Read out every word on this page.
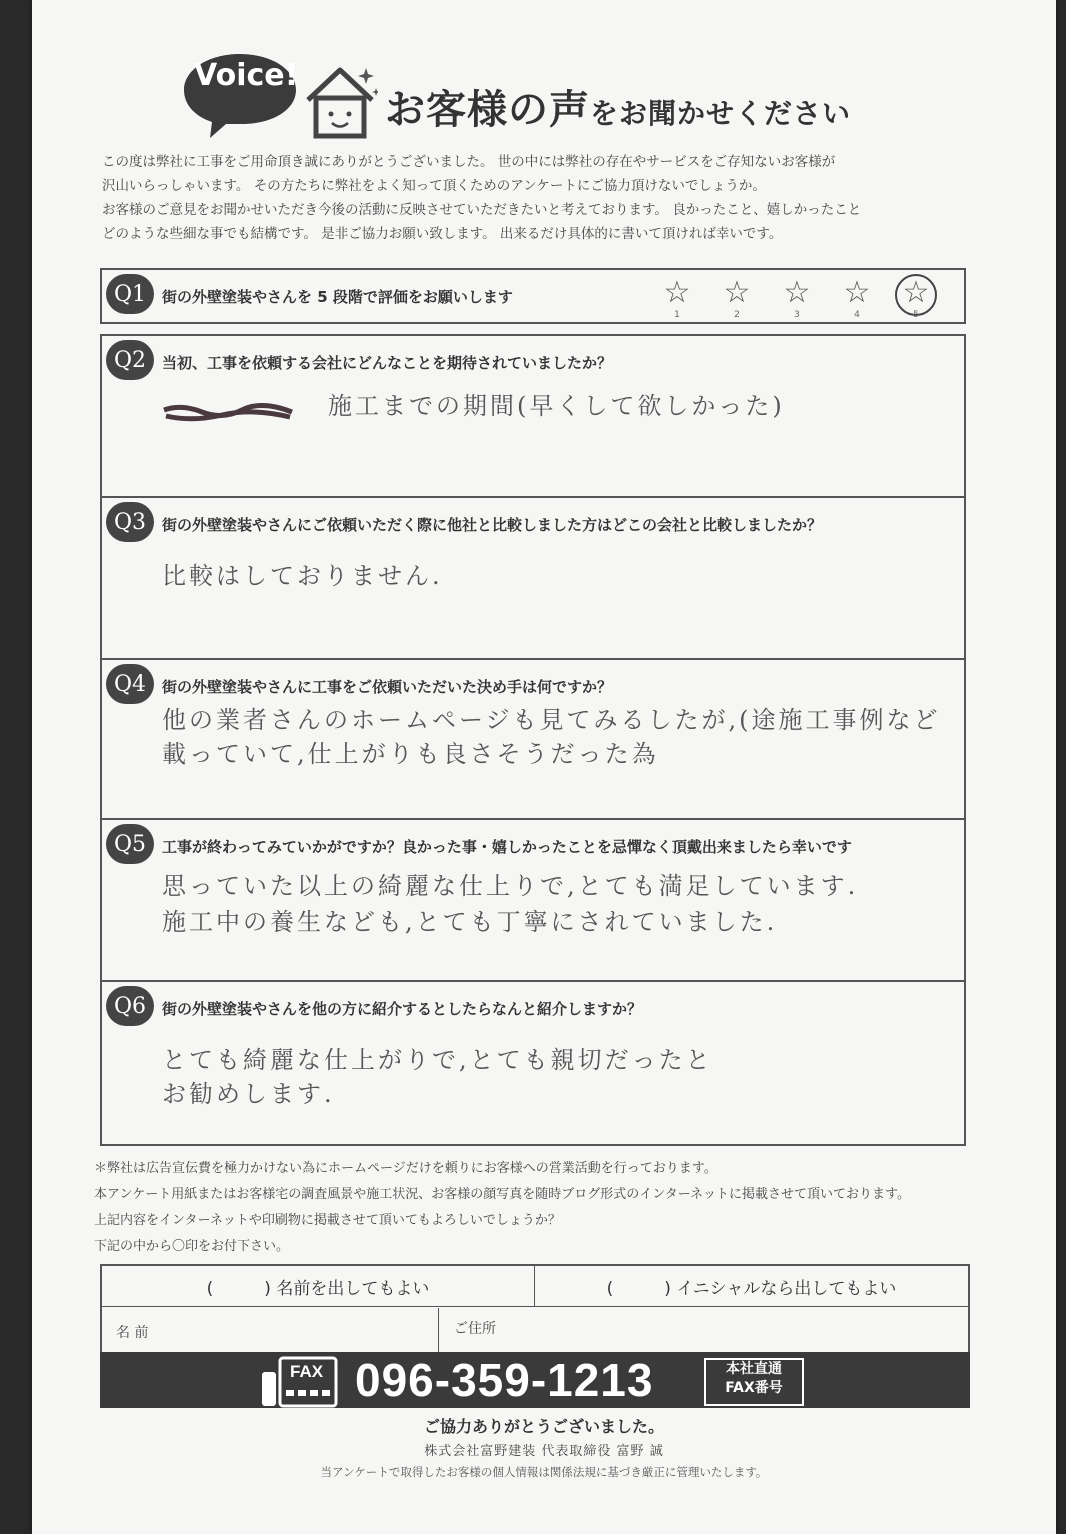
Voice!
お客様の声をお聞かせください

この度は弊社に工事をご用命頂き誠にありがとうございました。 世の中には弊社の存在やサービスをご存知ないお客様が

沢山いらっしゃいます。 その方たちに弊社をよく知って頂くためのアンケートにご協力頂けないでしょうか。

お客様のご意見をお聞かせいただき今後の活動に反映させていただきたいと考えております。 良かったこと、嬉しかったこと

どのような些細な事でも結構です。 是非ご協力お願い致します。 出来るだけ具体的に書いて頂ければ幸いです。

Q1	街の外壁塗装やさんを 5 段階で評価をお願いします	☆
1
☆
2
☆
3
☆
4
☆
5
Q2	当初、工事を依頼する会社にどんなことを期待されていましたか？
施工までの期間(早くして欲しかった)
Q3	街の外壁塗装やさんにご依頼いただく際に他社と比較しました方はどこの会社と比較しましたか？
比較はしておりません.
Q4	街の外壁塗装やさんに工事をご依頼いただいた決め手は何ですか？
他の業者さんのホームページも見てみるしたが,(途施工事例など
載っていて,仕上がりも良さそうだった為
Q5	工事が終わってみていかがですか？良かった事・嬉しかったことを忌憚なく頂戴出来ましたら幸いです
思っていた以上の綺麗な仕上りで,とても満足しています.
施工中の養生なども,とても丁寧にされていました.
Q6	街の外壁塗装やさんを他の方に紹介するとしたらなんと紹介しますか？
とても綺麗な仕上がりで,とても親切だったと
お勧めします.

＊弊社は広告宣伝費を極力かけない為にホームページだけを頼りにお客様への営業活動を行っております。

本アンケート用紙またはお客様宅の調査風景や施工状況、お客様の顔写真を随時ブログ形式のインターネットに掲載させて頂いております。

上記内容をインターネットや印刷物に掲載させて頂いてもよろしいでしょうか？

下記の中から〇印をお付下さい。

(　　　) 名前を出してもよい	(　　　) イニシャルなら出してもよい
名 前	ご住所
FAX 096-359-1213	本社直通
FAX番号
ご協力ありがとうございました。
株式会社富野建装 代表取締役 富野 誠
当アンケートで取得したお客様の個人情報は関係法規に基づき厳正に管理いたします。
